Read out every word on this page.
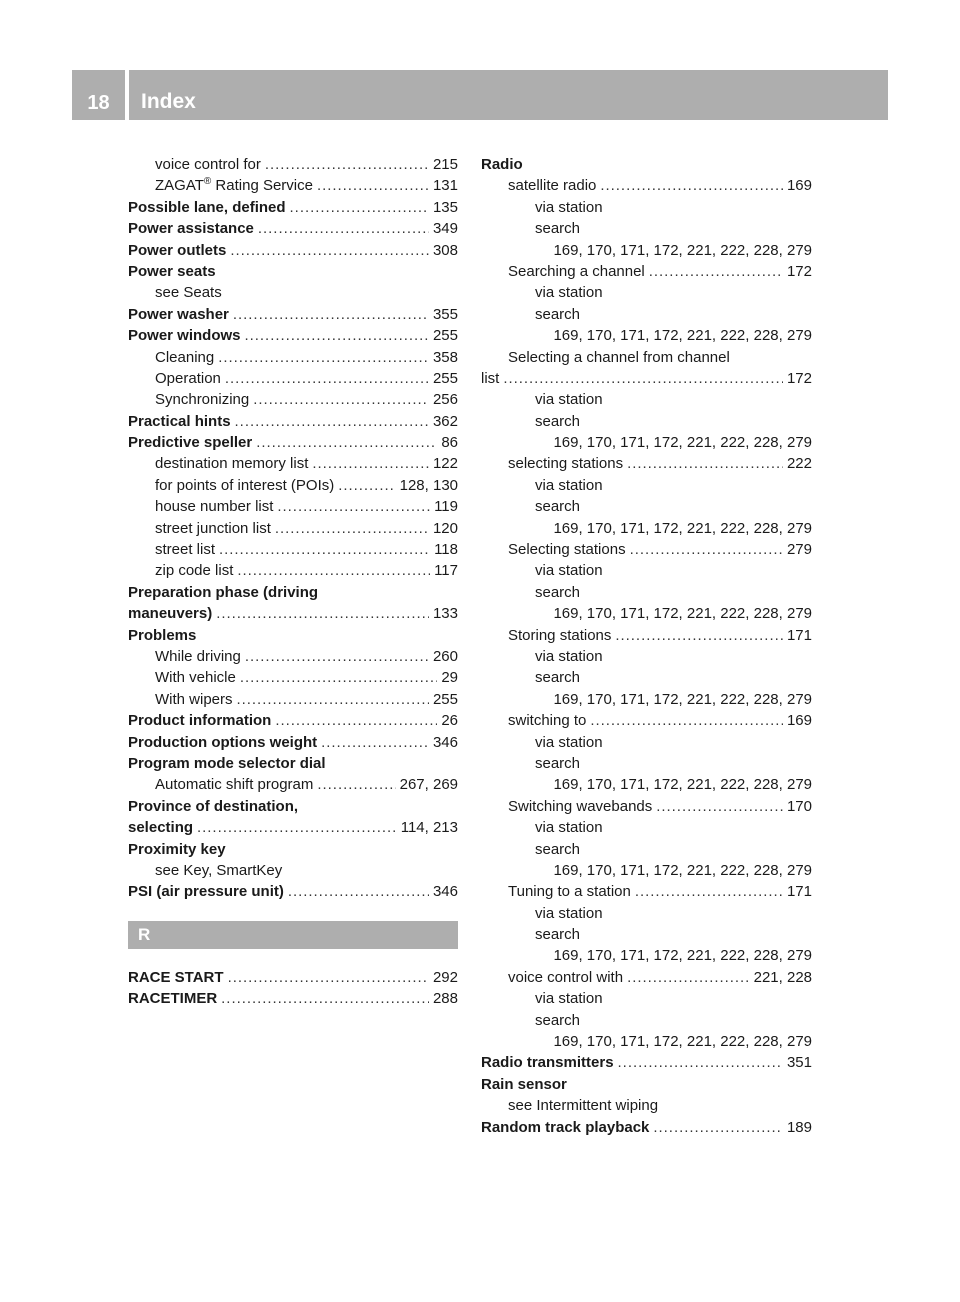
18	Index
voice control for . . .	215
ZAGAT® Rating Service . . .	131
Possible lane, defined . . .	135
Power assistance . . .	349
Power outlets . . .	308
Power seats
see Seats
Power washer . . .	355
Power windows . . .	255
Cleaning . . .	358
Operation . . .	255
Synchronizing . . .	256
Practical hints . . .	362
Predictive speller . . .	86
destination memory list . . .	122
for points of interest (POIs) . . .	128, 130
house number list . . .	119
street junction list . . .	120
street list . . .	118
zip code list . . .	117
Preparation phase (driving
maneuvers) . . .	133
Problems
While driving . . .	260
With vehicle . . .	29
With wipers . . .	255
Product information . . .	26
Production options weight . . .	346
Program mode selector dial
Automatic shift program . . .	267, 269
Province of destination,
selecting . . .	114, 213
Proximity key
see Key, SmartKey
PSI (air pressure unit) . . .	346
R
RACE START . . .	292
RACETIMER . . .	288
Radio
satellite radio . . .	169
via station
search
169, 170, 171, 172, 221, 222, 228, 279
Searching a channel . . .	172
via station
search
169, 170, 171, 172, 221, 222, 228, 279
Selecting a channel from channel
list . . .	172
via station
search
169, 170, 171, 172, 221, 222, 228, 279
selecting stations . . .	222
via station
search
169, 170, 171, 172, 221, 222, 228, 279
Selecting stations . . .	279
via station
search
169, 170, 171, 172, 221, 222, 228, 279
Storing stations . . .	171
via station
search
169, 170, 171, 172, 221, 222, 228, 279
switching to . . .	169
via station
search
169, 170, 171, 172, 221, 222, 228, 279
Switching wavebands . . .	170
via station
search
169, 170, 171, 172, 221, 222, 228, 279
Tuning to a station . . .	171
via station
search
169, 170, 171, 172, 221, 222, 228, 279
voice control with . . .	221, 228
via station
search
169, 170, 171, 172, 221, 222, 228, 279
Radio transmitters . . .	351
Rain sensor
see Intermittent wiping
Random track playback . . .	189
